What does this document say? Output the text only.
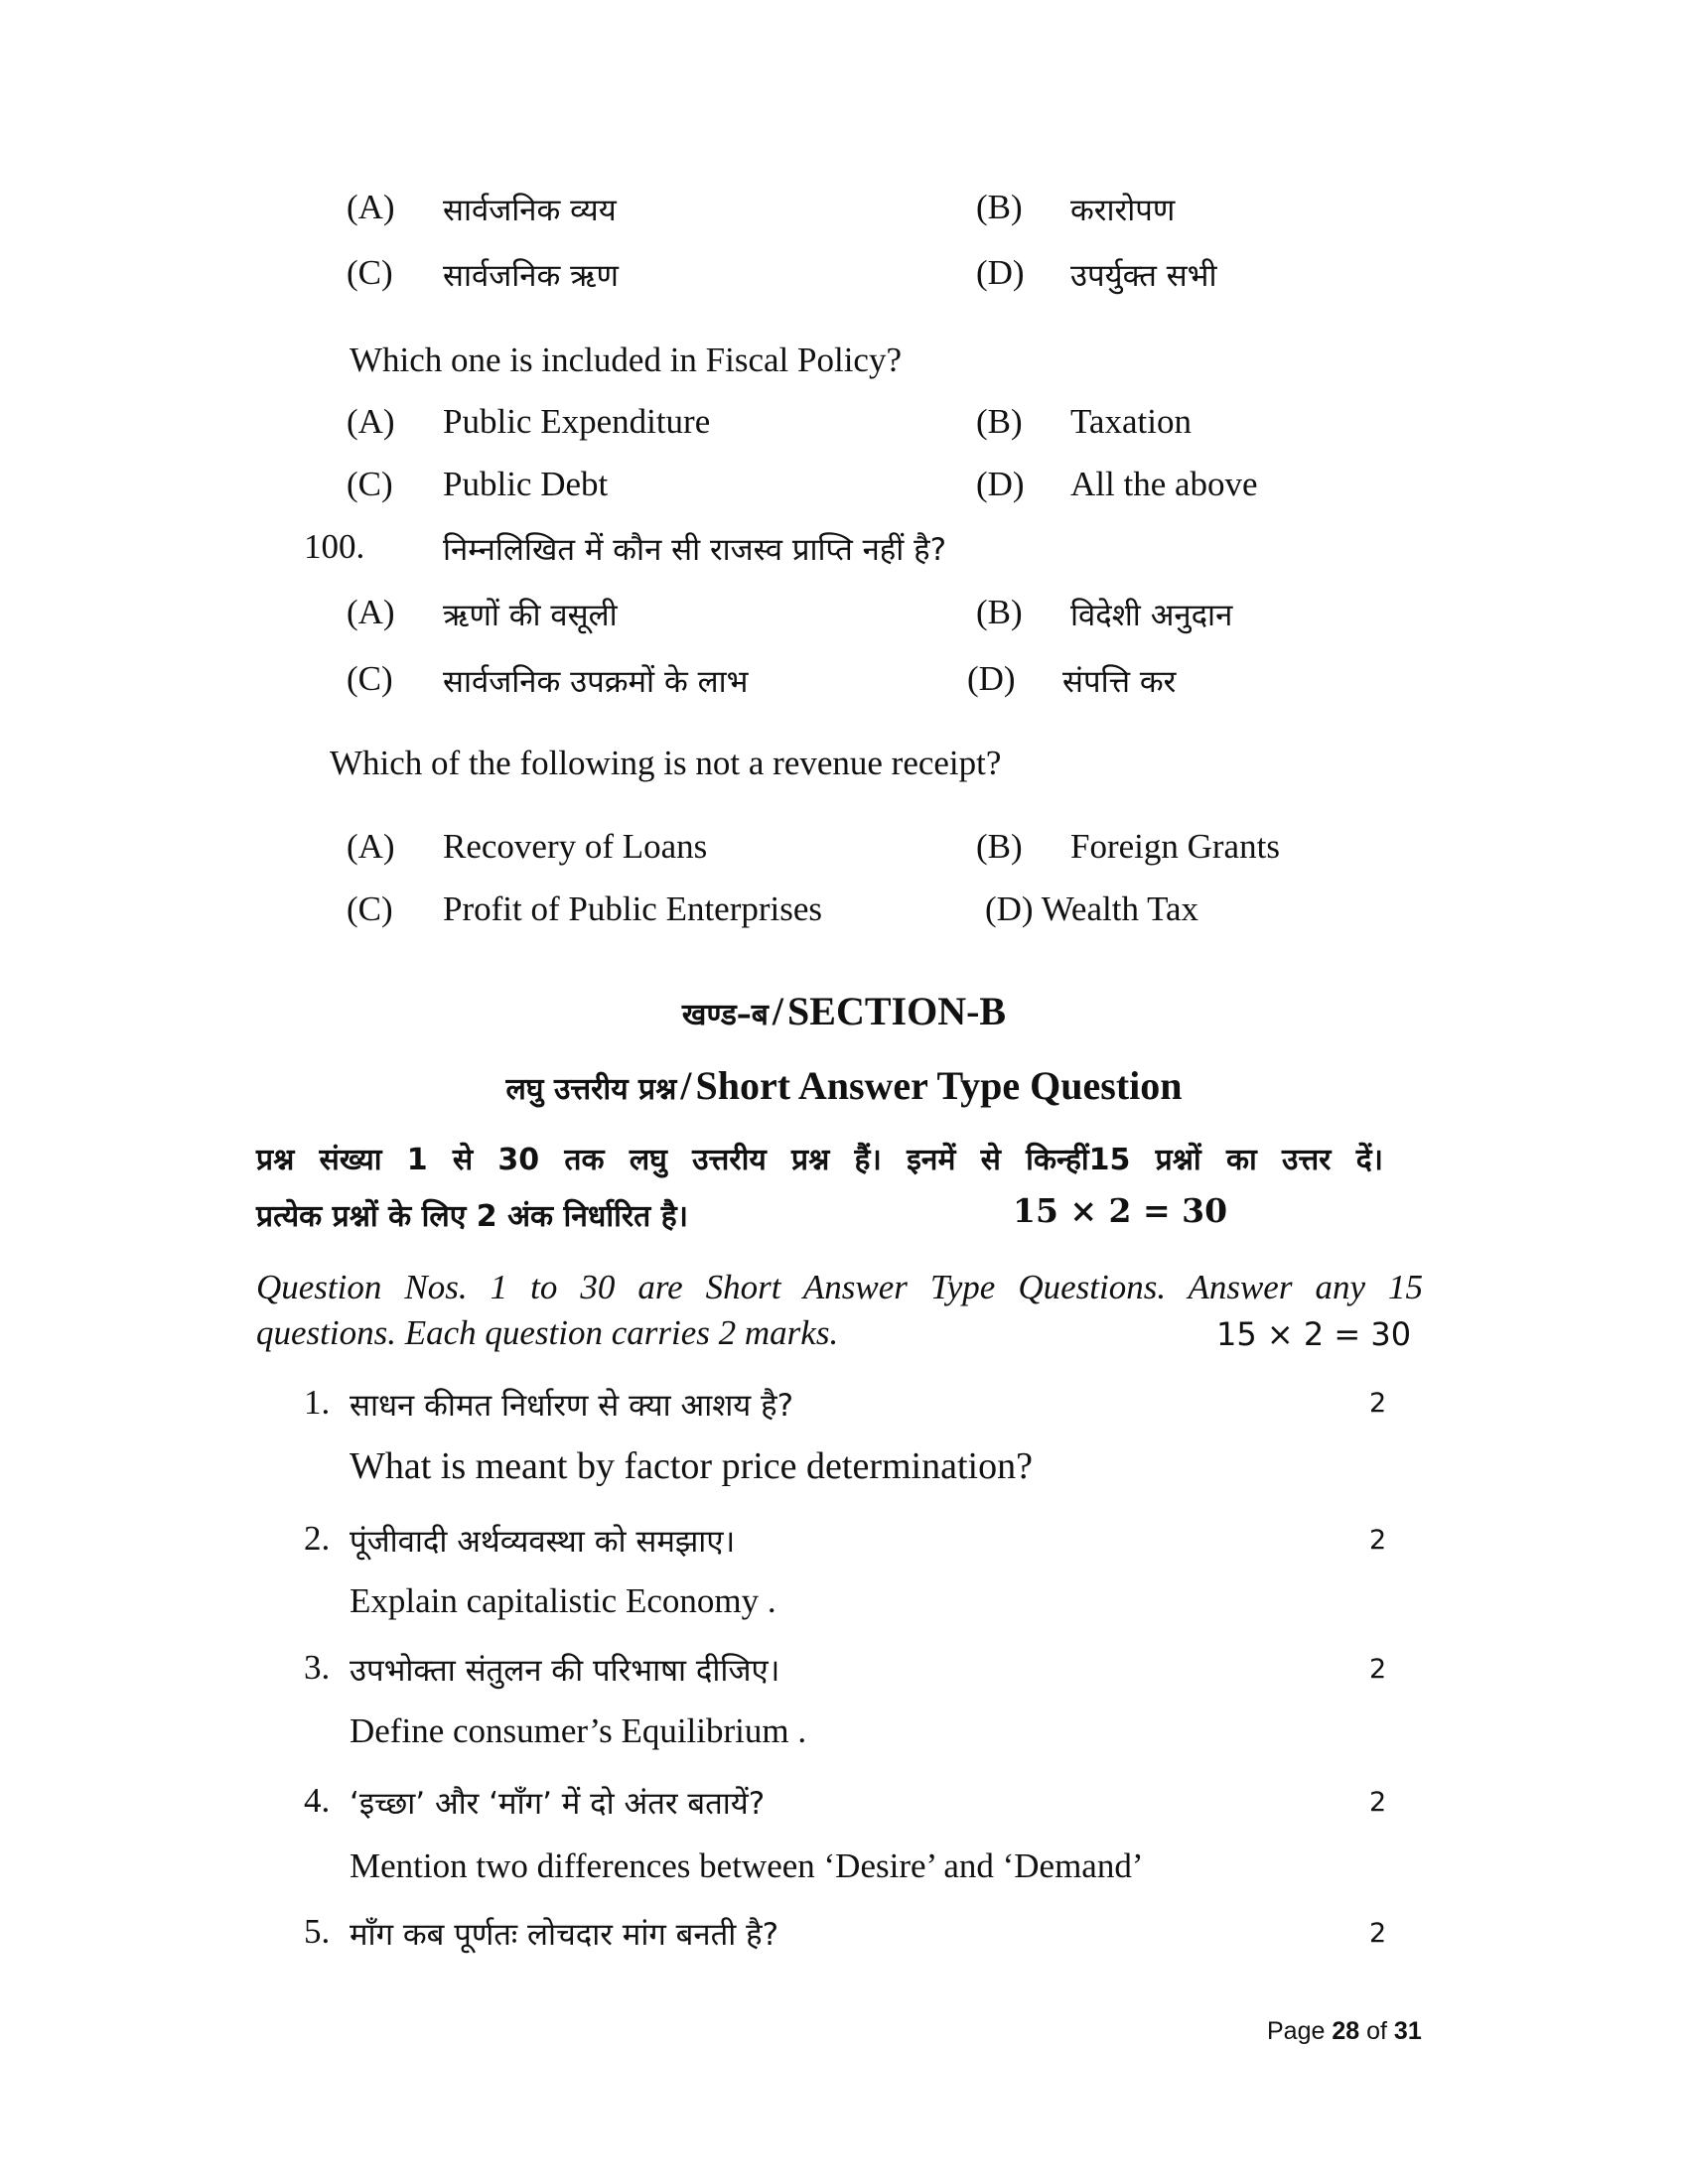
(A) सार्वजनिक व्यय	(B) करारोपण
(C) सार्वजनिक ऋण	(D) उपर्युक्त सभी
Which one is included in Fiscal Policy?
(A) Public Expenditure	(B) Taxation
(C) Public Debt	(D) All the above
100.	निम्नलिखित में कौन सी राजस्व प्राप्ति नहीं है?
(A) ऋणों की वसूली	(B) विदेशी अनुदान
(C) सार्वजनिक उपक्रमों के लाभ	(D) संपत्ति कर
Which of the following is not a revenue receipt?
(A) Recovery of Loans	(B) Foreign Grants
(C) Profit of Public Enterprises	(D) Wealth Tax
खण्ड–ब / SECTION-B
लघु उत्तरीय प्रश्न / Short Answer Type Question
प्रश्न संख्या 1 से 30 तक लघु उत्तरीय प्रश्न हैं। इनमें से किन्हीं15 प्रश्नों का उत्तर दें।
प्रत्येक प्रश्नों के लिए 2 अंक निर्धारित है।	15 × 2 = 30
Question Nos. 1 to 30 are Short Answer Type Questions. Answer any 15
questions. Each question carries 2 marks.	15 × 2 = 30
1. साधन कीमत निर्धारण से क्या आशय है?	2
What is meant by factor price determination?
2. पूंजीवादी अर्थव्यवस्था को समझाए।	2
Explain capitalistic Economy .
3. उपभोक्ता संतुलन की परिभाषा दीजिए।	2
Define consumer’s Equilibrium .
4. ‘इच्छा’ और ‘माँग’ में दो अंतर बतायें?	2
Mention two differences between ‘Desire’ and ‘Demand’
5. माँग कब पूर्णतः लोचदार मांग बनती है?	2
Page 28 of 31
